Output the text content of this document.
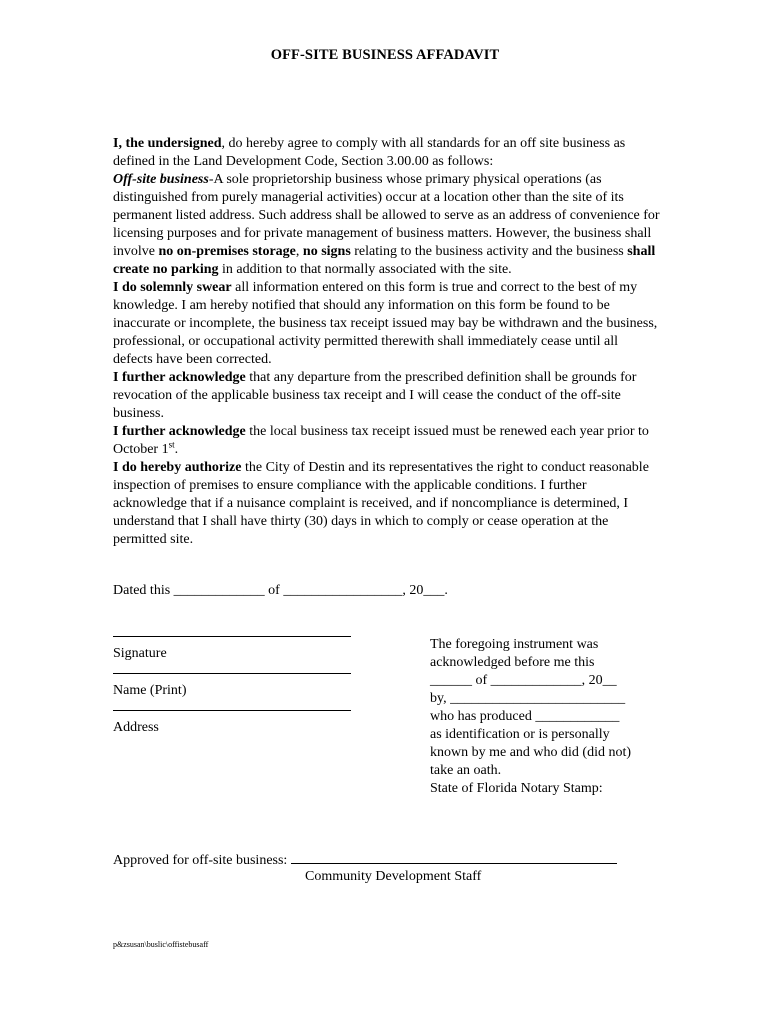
OFF-SITE BUSINESS AFFADAVIT

I, the undersigned, do hereby agree to comply with all standards for an off site business as defined in the Land Development Code, Section 3.00.00 as follows:

Off-site business-A sole proprietorship business whose primary physical operations (as distinguished from purely managerial activities) occur at a location other than the site of its permanent listed address. Such address shall be allowed to serve as an address of convenience for licensing purposes and for private management of business matters. However, the business shall involve no on-premises storage, no signs relating to the business activity and the business shall create no parking in addition to that normally associated with the site.

I do solemnly swear all information entered on this form is true and correct to the best of my knowledge. I am hereby notified that should any information on this form be found to be inaccurate or incomplete, the business tax receipt issued may bay be withdrawn and the business, professional, or occupational activity permitted therewith shall immediately cease until all defects have been corrected.

I further acknowledge that any departure from the prescribed definition shall be grounds for revocation of the applicable business tax receipt and I will cease the conduct of the off-site business.

I further acknowledge the local business tax receipt issued must be renewed each year prior to October 1st.

I do hereby authorize the City of Destin and its representatives the right to conduct reasonable inspection of premises to ensure compliance with the applicable conditions. I further acknowledge that if a nuisance complaint is received, and if noncompliance is determined, I understand that I shall have thirty (30) days in which to comply or cease operation at the permitted site.

Dated this _____________ of _________________, 20___.
Signature
Name (Print)
Address

The foregoing instrument was

acknowledged before me this

______ of _____________, 20__

by, _________________________

who has produced ____________

as identification or is personally

known by me and who did (did not)

take an oath.

State of Florida Notary Stamp:

Approved for off-site business:
Community Development Staff
p&zsusan\buslic\offistebusaff
